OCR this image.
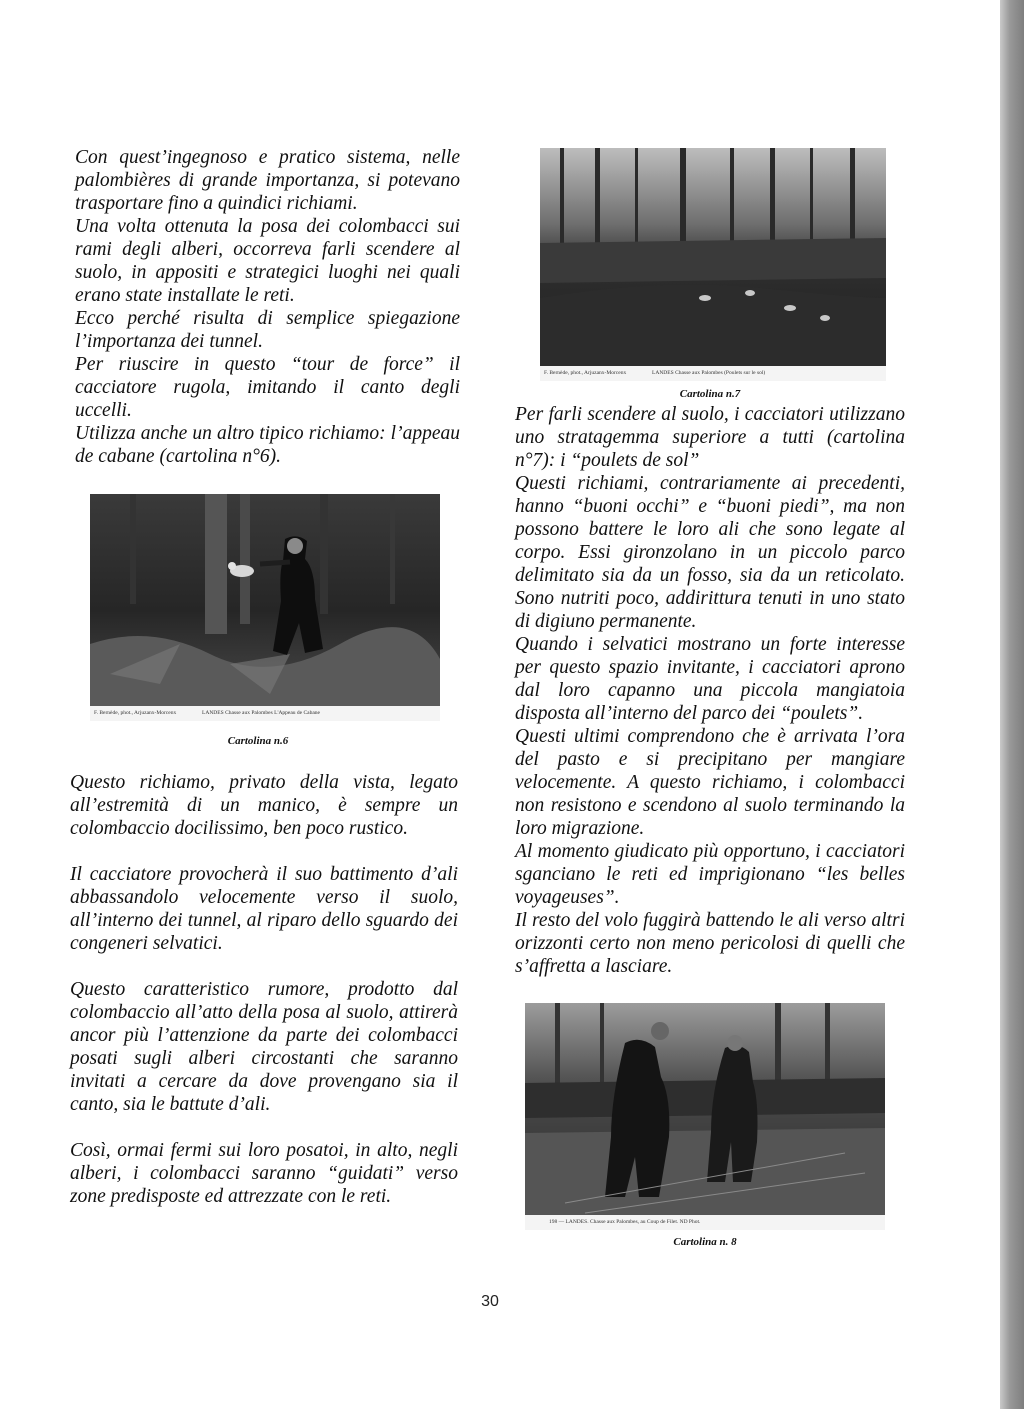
Con quest’ingegnoso e pratico sistema, nelle palombières di grande importanza, si potevano trasportare fino a quindici richiami.

Una volta ottenuta la posa dei colombacci sui rami degli alberi, occorreva farli scendere al suolo, in appositi e strategici luoghi nei quali erano state installate le reti.

Ecco perché risulta di semplice spiegazione l’importanza dei tunnel.

Per riuscire in questo “tour de force” il cacciatore rugola, imitando il canto degli uccelli.

Utilizza anche un altro tipico richiamo: l’appeau de cabane (cartolina n°6).

F. Bernède, phot., Arjuzanx-Morcenx	LANDES Chasse aux Palombes L'Appeau de Cabane
Cartolina n.6

Questo richiamo, privato della vista, legato all’estremità di un manico, è sempre un colombaccio docilissimo, ben poco rustico.

Il cacciatore provocherà il suo battimento d’ali abbassandolo velocemente verso il suolo, all’interno dei tunnel, al riparo dello sguardo dei congeneri selvatici.

Questo caratteristico rumore, prodotto dal colombaccio all’atto della posa al suolo, attirerà ancor più l’attenzione da parte dei colombacci posati sugli alberi circostanti che saranno invitati a cercare da dove provengano sia il canto, sia le battute d’ali.

Così, ormai fermi sui loro posatoi, in alto, negli alberi, i colombacci saranno “guidati” verso zone predisposte ed attrezzate con le reti.

F. Bernède, phot., Arjuzanx-Morcenx	LANDES Chasse aux Palombes (Poulets sur le sol)
Cartolina n.7

Per farli scendere al suolo, i cacciatori utilizzano uno stratagemma superiore a tutti (cartolina n°7): i “poulets de sol”

Questi richiami, contrariamente ai precedenti, hanno “buoni occhi” e “buoni piedi”, ma non possono battere le loro ali che sono legate al corpo. Essi gironzolano in un piccolo parco delimitato sia da un fosso, sia da un reticolato. Sono nutriti poco, addirittura tenuti in uno stato di digiuno permanente.

Quando i selvatici mostrano un forte interesse per questo spazio invitante, i cacciatori aprono dal loro capanno una piccola mangiatoia disposta all’interno del parco dei “poulets”.

Questi ultimi comprendono che è arrivata l’ora del pasto e si precipitano per mangiare velocemente. A questo richiamo, i colombacci non resistono e scendono al suolo terminando la loro migrazione.

Al momento giudicato più opportuno, i cacciatori sganciano le reti ed imprigionano “les belles voyageuses”.

Il resto del volo fuggirà battendo le ali verso altri orizzonti certo non meno pericolosi di quelli che s’affretta a lasciare.

198 — LANDES. Chasse aux Palombes, au Coup de Filet. ND Phot.
Cartolina n. 8
30
